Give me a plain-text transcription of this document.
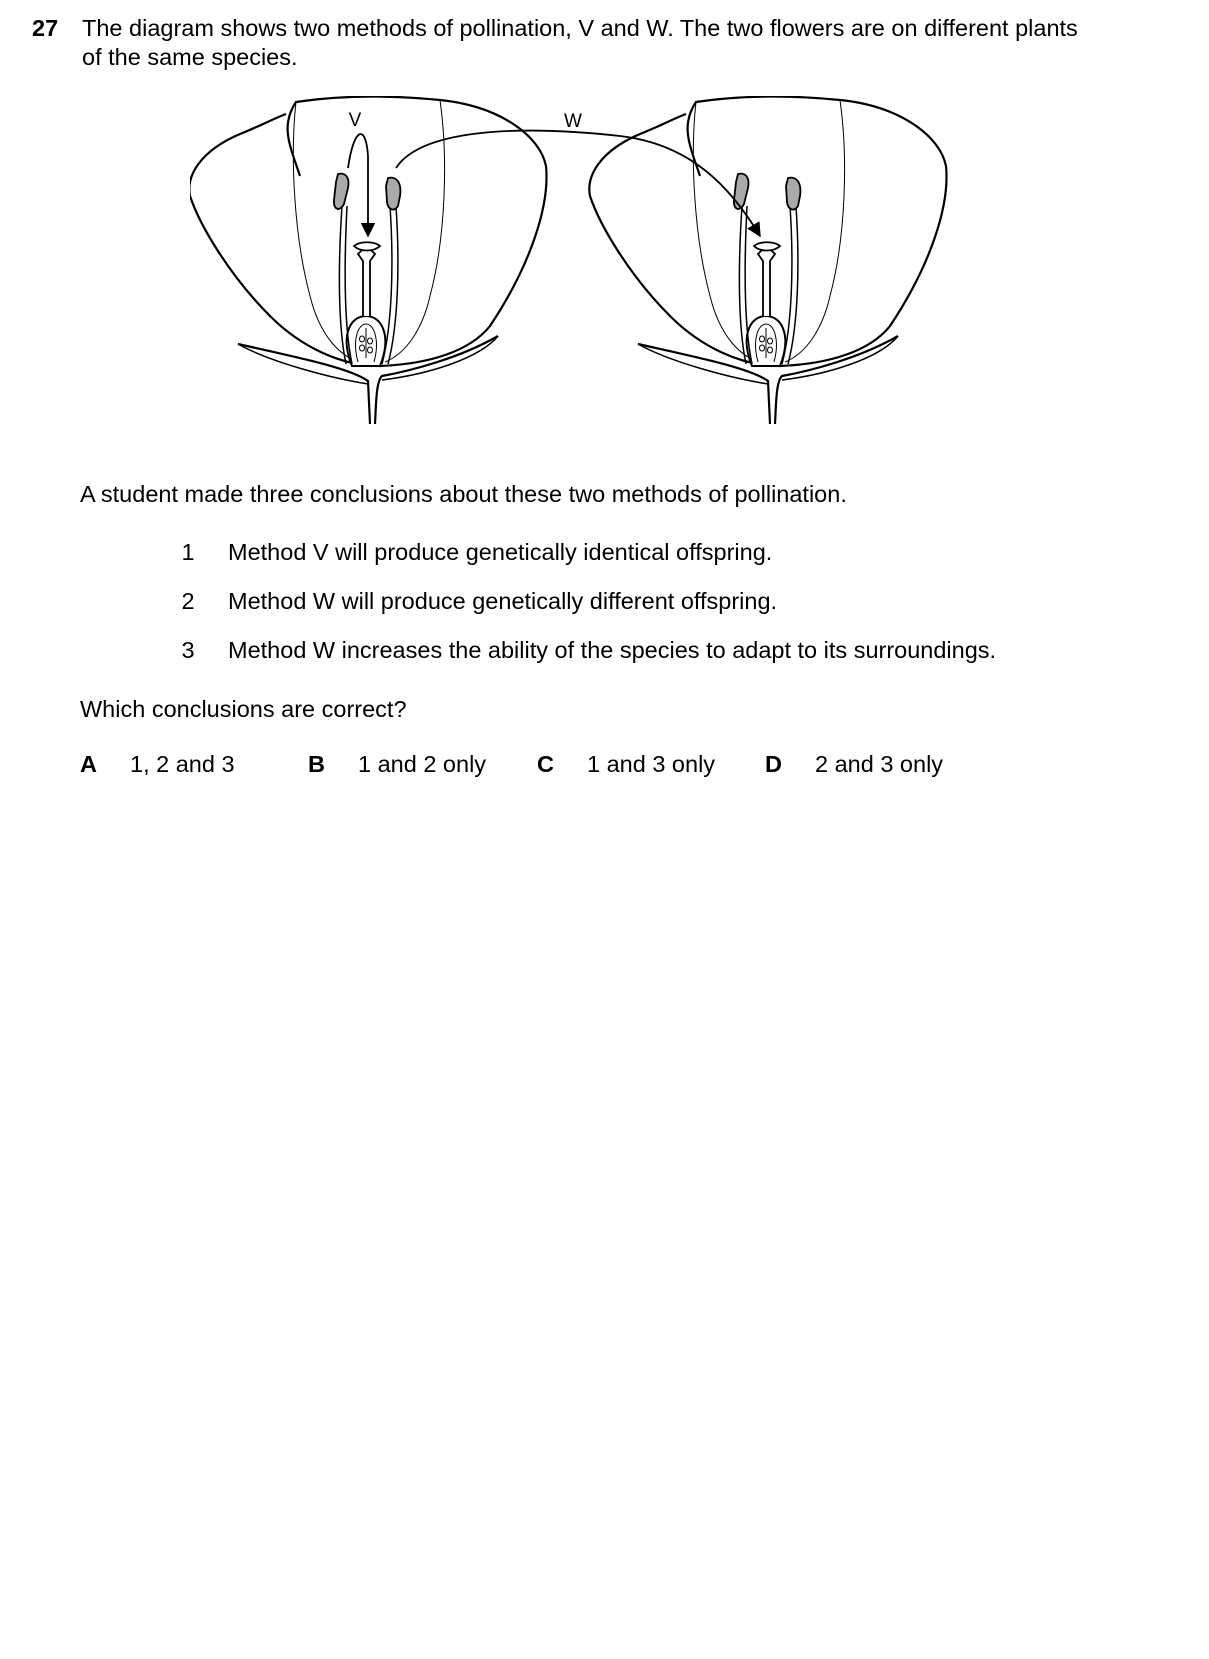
27 The diagram shows two methods of pollination, V and W. The two flowers are on different plants
of the same species.
V	W
A student made three conclusions about these two methods of pollination.
1 Method V will produce genetically identical offspring.
2 Method W will produce genetically different offspring.
3 Method W increases the ability of the species to adapt to its surroundings.
Which conclusions are correct?
A 1, 2 and 3	B 1 and 2 only C 1 and 3 only D 2 and 3 only
